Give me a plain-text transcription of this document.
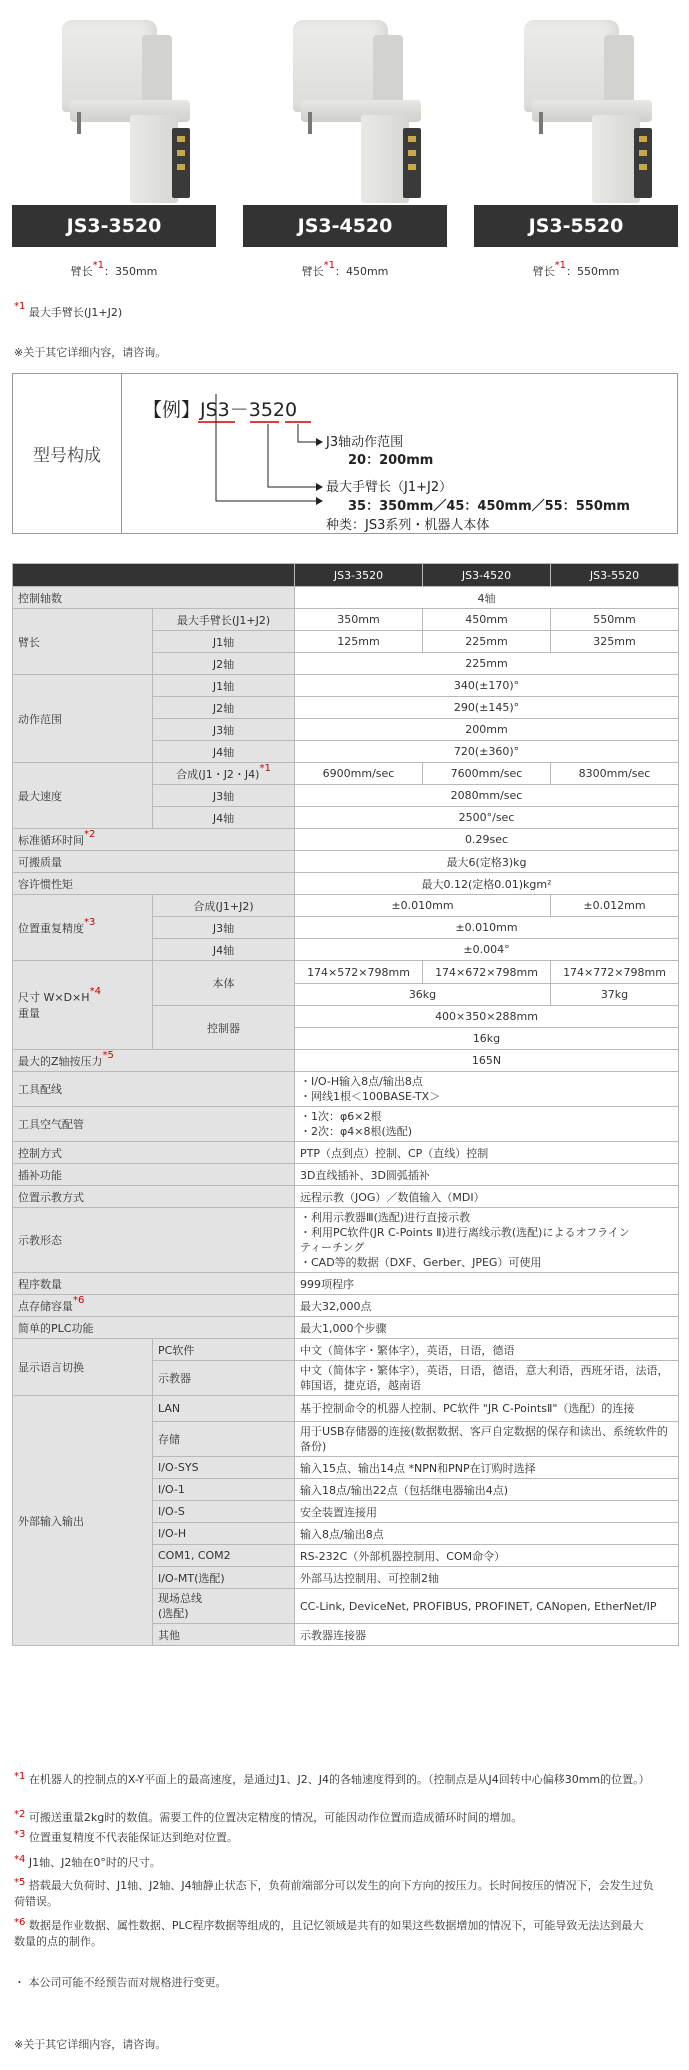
JS3-3520
臂长*1：350mm
JS3-4520
臂长*1：450mm
JS3-5520
臂长*1：550mm
*1 最大手臂长(J1+J2)
※关于其它详细内容，请咨询。
型号构成
【例】JS3－3520
J3轴动作范围
20：200mm
最大手臂长（J1+J2）
35：350mm／45：450mm／55：550mm
种类：JS3系列・机器人本体
		JS3-3520	JS3-4520	JS3-5520
控制轴数		4轴		
臂长	最大手臂长(J1+J2)	350mm	450mm	550mm
	J1轴	125mm	225mm	325mm
	J2轴	225mm		
动作范围	J1轴	340(±170)°		
	J2轴	290(±145)°		
	J3轴	200mm		
	J4轴	720(±360)°		
最大速度	合成(J1・J2・J4)*1	6900mm/sec	7600mm/sec	8300mm/sec
	J3轴	2080mm/sec		
	J4轴	2500°/sec		
标准循环时间*2		0.29sec		
可搬质量		最大6(定格3)kg		
容许惯性矩		最大0.12(定格0.01)kgm²		
位置重复精度*3	合成(J1+J2)	±0.010mm		±0.012mm
	J3轴	±0.010mm		
	J4轴	±0.004°		
尺寸 W×D×H*4
重量	本体	174×572×798mm	174×672×798mm	174×772×798mm
		36kg		37kg
	控制器	400×350×288mm		
		16kg		
最大的Z轴按压力*5		165N		
工具配线		・I/O-H输入8点/输出8点
・网线1根＜100BASE-TX＞		

工具空气配管		・1次：φ6×2根
・2次：φ4×8根(选配)		

控制方式		PTP（点到点）控制、CP（直线）控制		
插补功能		3D直线插补、3D圆弧插补		
位置示教方式		远程示教（JOG）／数值输入（MDI）		
示教形态		・利用示教器Ⅲ(选配)进行直接示教
・利用PC软件(JR C-Points Ⅱ)进行离线示教(选配)によるオフライン
ティーチング
・CAD等的数据（DXF、Gerber、JPEG）可使用		

程序数量		999项程序		
点存储容量*6		最大32,000点		
简单的PLC功能		最大1,000个步骤		
显示语言切换	PC软件	中文（简体字・繁体字），英语，日语，德语		
	示教器	中文（简体字・繁体字），英语，日语，德语，意大利语，西班牙语，法语，韩国语，捷克语，越南语		
外部输入输出	LAN	基于控制命令的机器人控制、PC软件 "JR C-PointsⅡ"（选配）的连接		
	存储	用于USB存储器的连接(数据数据、客戸自定数据的保存和读出、系统软件的备份)		
	I/O-SYS	输入15点、输出14点 *NPN和PNP在订购时选择		
	I/O-1	输入18点/输出22点（包括继电器输出4点)		
	I/O-S	安全装置连接用		
	I/O-H	输入8点/输出8点		
	COM1, COM2	RS-232C（外部机器控制用、COM命令）		
	I/O-MT(选配)	外部马达控制用、可控制2轴		
	现场总线
(选配)	CC-Link, DeviceNet, PROFIBUS, PROFINET, CANopen, EtherNet/IP		
	其他	示教器连接器		
*1 在机器人的控制点的X-Y平面上的最高速度，是通过J1、J2、J4的各轴速度得到的。（控制点是从J4回转中心偏移30mm的位置。）
*2 可搬送重量2kg时的数值。需要工件的位置决定精度的情况，可能因动作位置而造成循环时间的增加。
*3 位置重复精度不代表能保证达到绝对位置。
*4 J1轴、J2轴在0°时的尺寸。
*5 搭载最大负荷时、J1轴、J2轴、J4轴静止状态下，负荷前端部分可以发生的向下方向的按压力。长时间按压的情况下，会发生过负荷错误。
*6 数据是作业数据、属性数据、PLC程序数据等组成的，且记忆领域是共有的如果这些数据增加的情况下，可能导致无法达到最大数量的点的制作。
・ 本公司可能不经预告而对规格进行变更。
※关于其它详细内容，请咨询。
